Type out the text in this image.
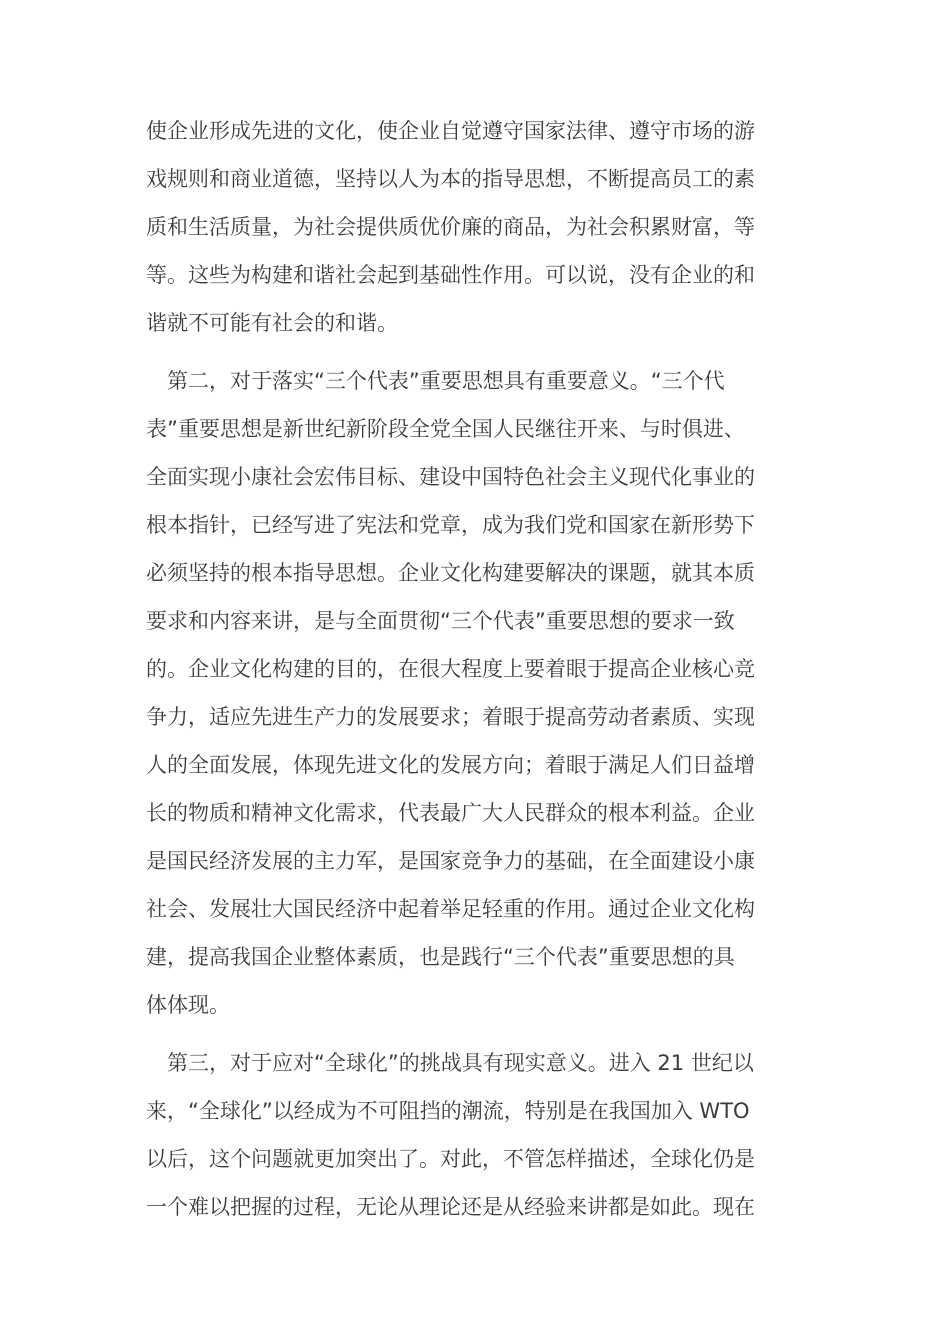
使企业形成先进的文化，使企业自觉遵守国家法律、遵守市场的游
戏规则和商业道德，坚持以人为本的指导思想，不断提高员工的素
质和生活质量，为社会提供质优价廉的商品，为社会积累财富，等
等。这些为构建和谐社会起到基础性作用。可以说，没有企业的和
谐就不可能有社会的和谐。

第二，对于落实“三个代表”重要思想具有重要意义。“三个代
表”重要思想是新世纪新阶段全党全国人民继往开来、与时俱进、
全面实现小康社会宏伟目标、建设中国特色社会主义现代化事业的
根本指针，已经写进了宪法和党章，成为我们党和国家在新形势下
必须坚持的根本指导思想。企业文化构建要解决的课题，就其本质
要求和内容来讲，是与全面贯彻“三个代表”重要思想的要求一致
的。企业文化构建的目的，在很大程度上要着眼于提高企业核心竞
争力，适应先进生产力的发展要求；着眼于提高劳动者素质、实现
人的全面发展，体现先进文化的发展方向；着眼于满足人们日益增
长的物质和精神文化需求，代表最广大人民群众的根本利益。企业
是国民经济发展的主力军，是国家竞争力的基础，在全面建设小康
社会、发展壮大国民经济中起着举足轻重的作用。通过企业文化构
建，提高我国企业整体素质，也是践行“三个代表”重要思想的具
体体现。

第三，对于应对“全球化”的挑战具有现实意义。进入 21 世纪以
来，“全球化”以经成为不可阻挡的潮流，特别是在我国加入 WTO
以后，这个问题就更加突出了。对此，不管怎样描述，全球化仍是
一个难以把握的过程，无论从理论还是从经验来讲都是如此。现在
